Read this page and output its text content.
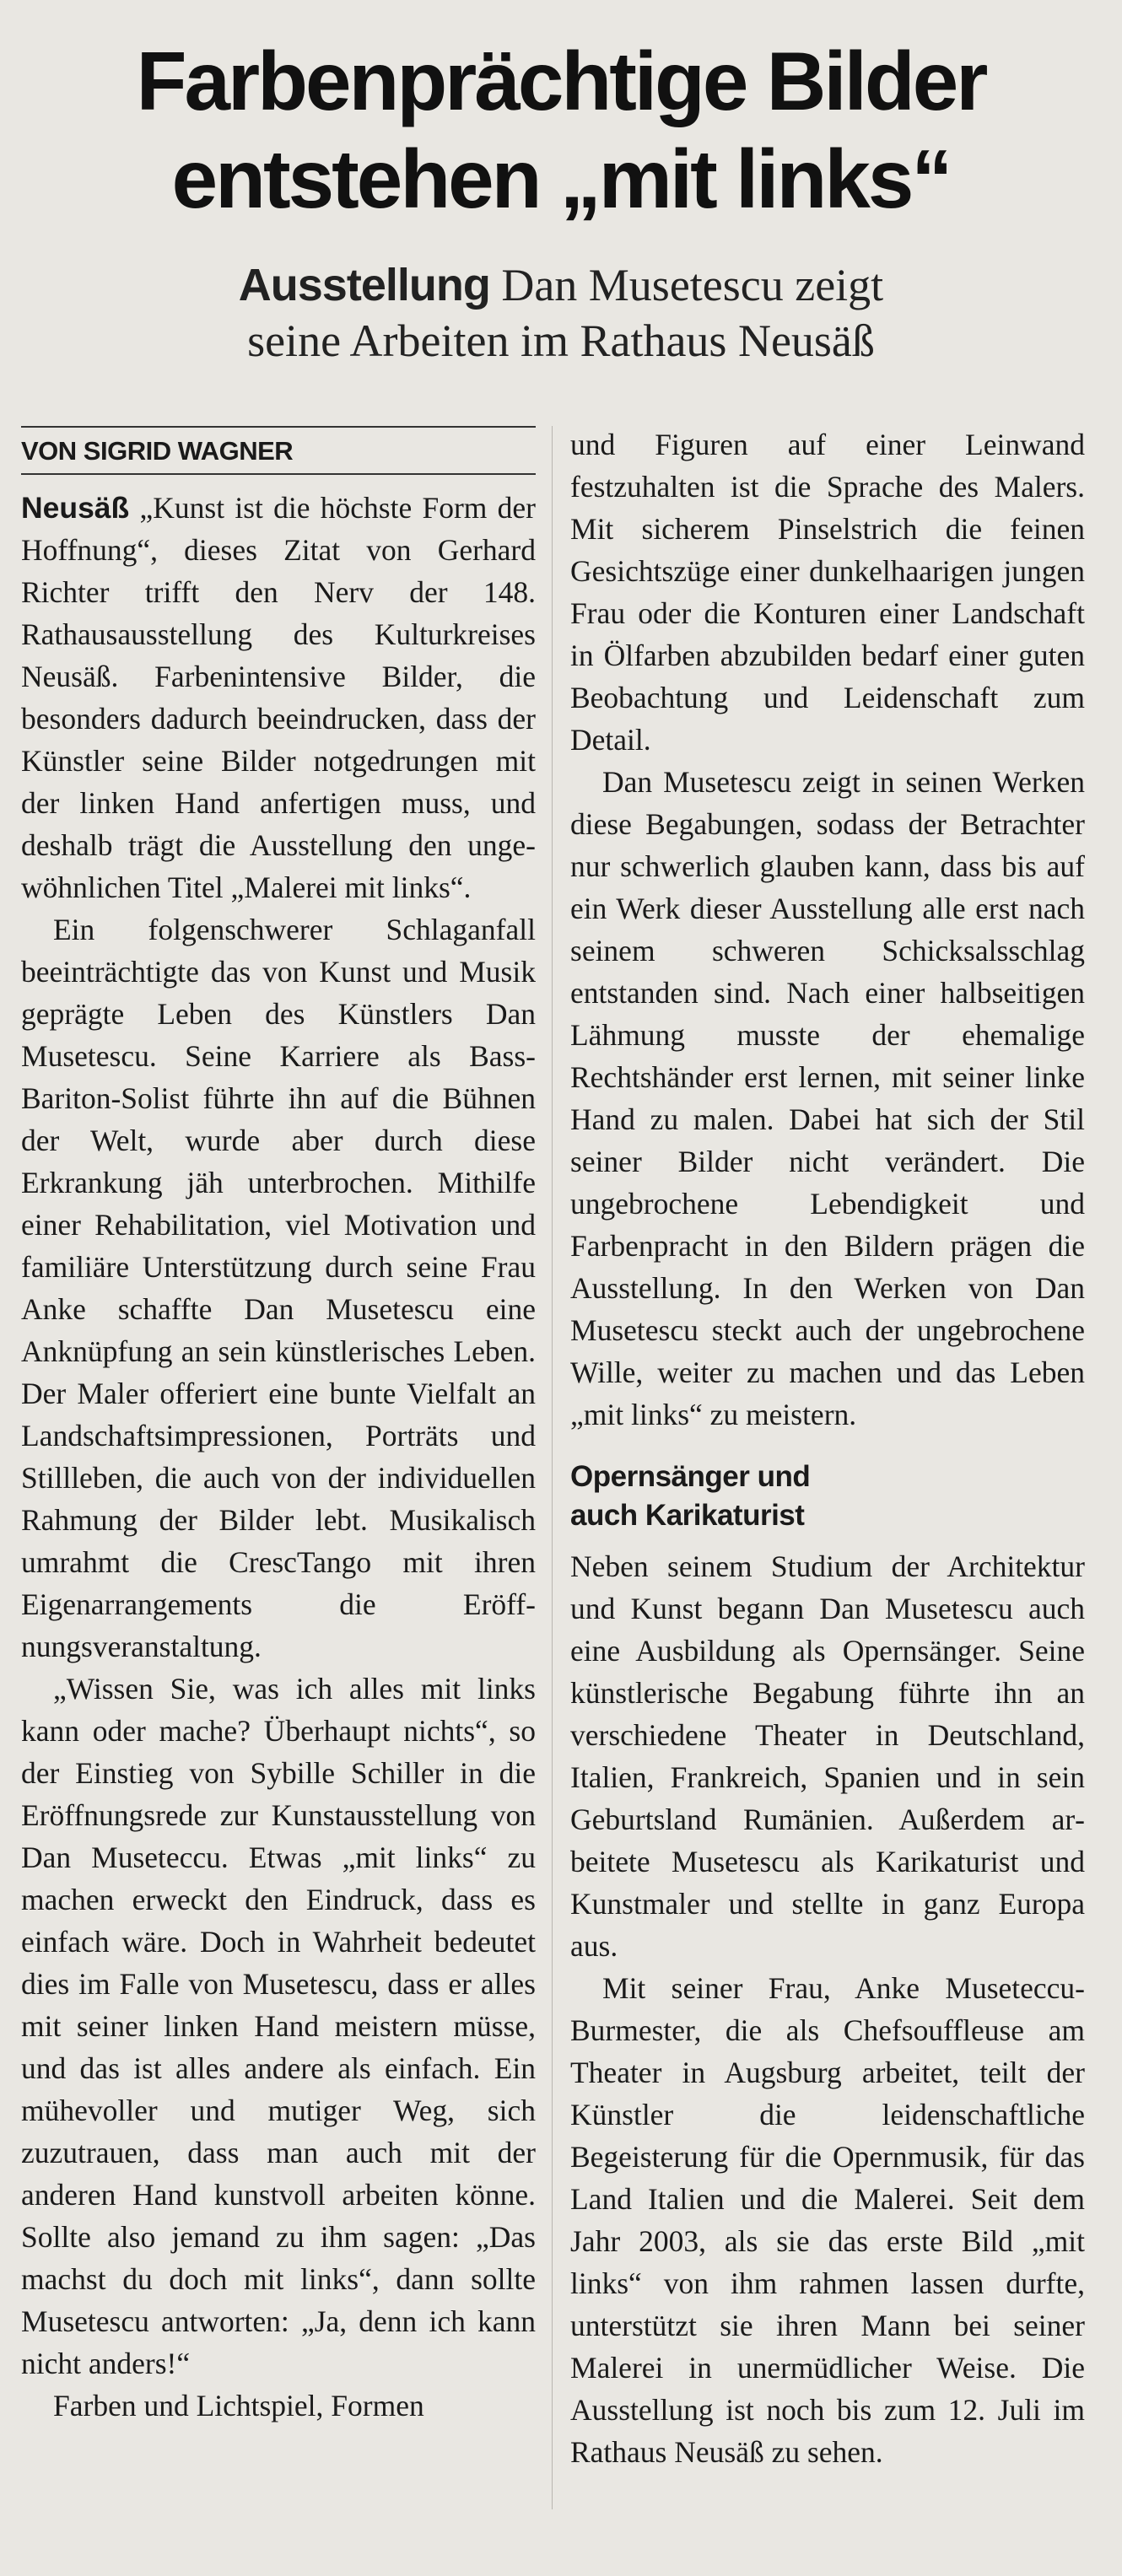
Farbenprächtige Bilder
entstehen „mit links“
Ausstellung Dan Musetescu zeigt
seine Arbeiten im Rathaus Neusäß
VON SIGRID WAGNER

Neusäß „Kunst ist die höchste Form der Hoffnung“, dieses Zitat von Gerhard Richter trifft den Nerv der 148. Rathausausstellung des Kulturkreises Neusäß. Farbenintensive Bilder, die besonders dadurch beeindrucken, dass der Künstler seine Bilder notgedrungen mit der linken Hand anfertigen muss, und deshalb trägt die Ausstellung den ungewöhnlichen Titel „Malerei mit links“.

Ein folgenschwerer Schlaganfall beeinträchtigte das von Kunst und Musik geprägte Leben des Künstlers Dan Musetescu. Seine Karriere als Bass-Bariton-Solist führte ihn auf die Bühnen der Welt, wurde aber durch diese Erkrankung jäh unterbrochen. Mithilfe einer Rehabilitation, viel Motivation und familiäre Unterstützung durch seine Frau Anke schaffte Dan Musetescu eine Anknüpfung an sein künstlerisches Leben. Der Maler offeriert eine bunte Vielfalt an Landschaftsimpressionen, Porträts und Stillleben, die auch von der individuellen Rahmung der Bilder lebt. Musikalisch umrahmt die CrescTango mit ihren Eigenarrangements die Eröffnungsveranstaltung.

„Wissen Sie, was ich alles mit links kann oder mache? Überhaupt nichts“, so der Einstieg von Sybille Schiller in die Eröffnungsrede zur Kunstausstellung von Dan Museteсcu. Etwas „mit links“ zu machen erweckt den Eindruck, dass es einfach wäre. Doch in Wahrheit bedeutet dies im Falle von Musetescu, dass er alles mit seiner linken Hand meistern müsse, und das ist alles andere als einfach. Ein mühevoller und mutiger Weg, sich zuzutrauen, dass man auch mit der anderen Hand kunstvoll arbeiten könne. Sollte also jemand zu ihm sagen: „Das machst du doch mit links“, dann sollte Musetescu antworten: „Ja, denn ich kann nicht anders!“

Farben und Lichtspiel, Formen

und Figuren auf einer Leinwand festzuhalten ist die Sprache des Malers. Mit sicherem Pinselstrich die feinen Gesichtszüge einer dunkelhaarigen jungen Frau oder die Konturen einer Landschaft in Ölfarben abzubilden bedarf einer guten Beobachtung und Leidenschaft zum Detail.

Dan Musetescu zeigt in seinen Werken diese Begabungen, sodass der Betrachter nur schwerlich glauben kann, dass bis auf ein Werk dieser Ausstellung alle erst nach seinem schweren Schicksalsschlag entstanden sind. Nach einer halbseitigen Lähmung musste der ehemalige Rechtshänder erst lernen, mit seiner linke Hand zu malen. Dabei hat sich der Stil seiner Bilder nicht verändert. Die ungebrochene Lebendigkeit und Farbenpracht in den Bildern prägen die Ausstellung. In den Werken von Dan Musetescu steckt auch der ungebrochene Wille, weiter zu machen und das Leben „mit links“ zu meistern.

Opernsänger und
auch Karikaturist

Neben seinem Studium der Architektur und Kunst begann Dan Musetescu auch eine Ausbildung als Opernsänger. Seine künstlerische Begabung führte ihn an verschiedene Theater in Deutschland, Italien, Frankreich, Spanien und in sein Geburtsland Rumänien. Außerdem arbeitete Musetescu als Karikaturist und Kunstmaler und stellte in ganz Europa aus.

Mit seiner Frau, Anke Museteсcu-Burmester, die als Chefsouffleuse am Theater in Augsburg arbeitet, teilt der Künstler die leidenschaftliche Begeisterung für die Opernmusik, für das Land Italien und die Malerei. Seit dem Jahr 2003, als sie das erste Bild „mit links“ von ihm rahmen lassen durfte, unterstützt sie ihren Mann bei seiner Malerei in unermüdlicher Weise. Die Ausstellung ist noch bis zum 12. Juli im Rathaus Neusäß zu sehen.
